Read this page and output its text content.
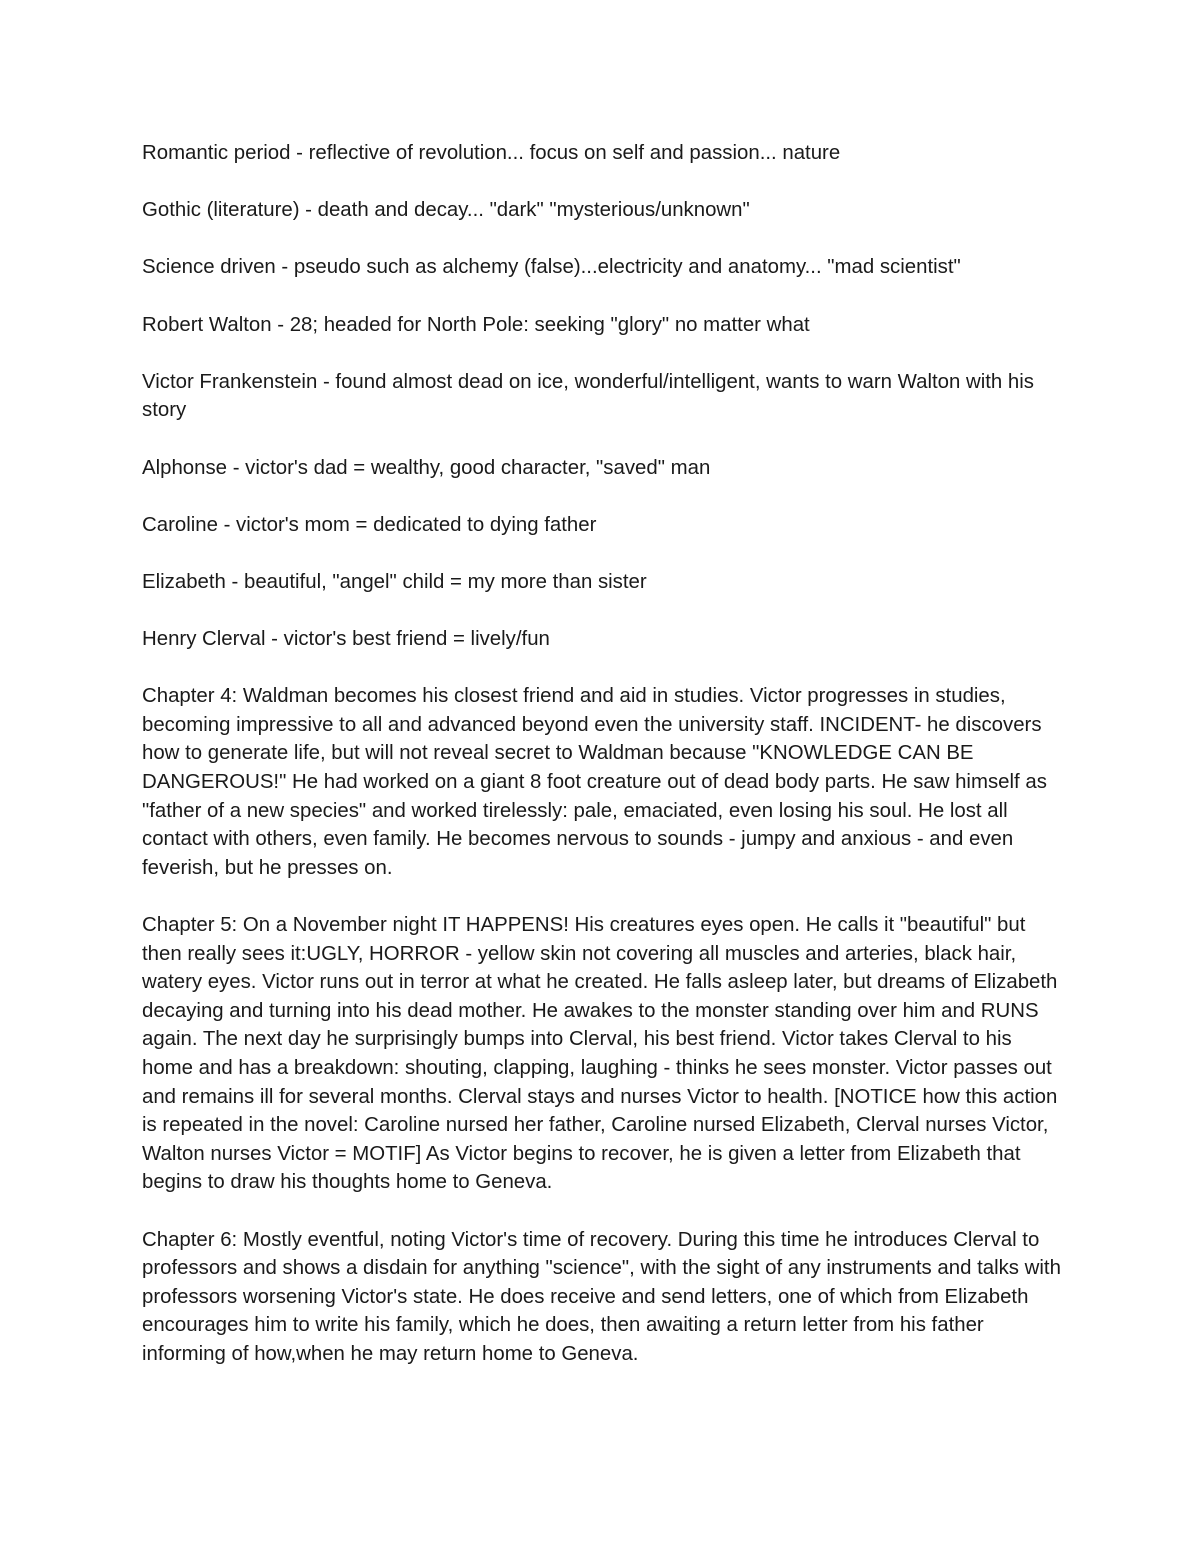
Romantic period - reflective of revolution... focus on self and passion... nature

Gothic (literature) - death and decay... "dark" "mysterious/unknown"

Science driven - pseudo such as alchemy (false)...electricity and anatomy... "mad scientist"

Robert Walton - 28; headed for North Pole: seeking "glory" no matter what

Victor Frankenstein - found almost dead on ice, wonderful/intelligent, wants to warn Walton with his story

Alphonse - victor's dad = wealthy, good character, "saved" man

Caroline - victor's mom = dedicated to dying father

Elizabeth - beautiful, "angel" child = my more than sister

Henry Clerval - victor's best friend = lively/fun

Chapter 4: Waldman becomes his closest friend and aid in studies. Victor progresses in studies, becoming impressive to all and advanced beyond even the university staff. INCIDENT- he discovers how to generate life, but will not reveal secret to Waldman because "KNOWLEDGE CAN BE DANGEROUS!" He had worked on a giant 8 foot creature out of dead body parts. He saw himself as "father of a new species" and worked tirelessly: pale, emaciated, even losing his soul. He lost all contact with others, even family. He becomes nervous to sounds - jumpy and anxious - and even feverish, but he presses on.

Chapter 5: On a November night IT HAPPENS! His creatures eyes open. He calls it "beautiful" but then really sees it:UGLY, HORROR - yellow skin not covering all muscles and arteries, black hair, watery eyes. Victor runs out in terror at what he created. He falls asleep later, but dreams of Elizabeth decaying and turning into his dead mother. He awakes to the monster standing over him and RUNS again. The next day he surprisingly bumps into Clerval, his best friend. Victor takes Clerval to his home and has a breakdown: shouting, clapping, laughing - thinks he sees monster. Victor passes out and remains ill for several months. Clerval stays and nurses Victor to health. [NOTICE how this action is repeated in the novel: Caroline nursed her father, Caroline nursed Elizabeth, Clerval nurses Victor, Walton nurses Victor = MOTIF] As Victor begins to recover, he is given a letter from Elizabeth that begins to draw his thoughts home to Geneva.

Chapter 6: Mostly eventful, noting Victor's time of recovery. During this time he introduces Clerval to professors and shows a disdain for anything "science", with the sight of any instruments and talks with professors worsening Victor's state. He does receive and send letters, one of which from Elizabeth encourages him to write his family, which he does, then awaiting a return letter from his father informing of how,when he may return home to Geneva.
